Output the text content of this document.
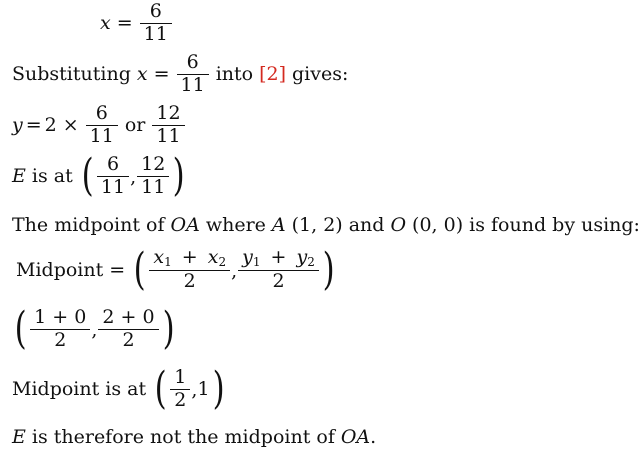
$x = \frac{6}{11}$
Substituting $x = \frac{6}{11}$ into [2] gives:
$y = 2 \times \frac{6}{11}$ or $\frac{12}{11}$
E is at ( $\frac{6}{11}$ , $\frac{12}{11}$ )
The midpoint of OA where A (1, 2) and O (0, 0) is found by using:
Midpoint = ( $\frac{x_1 + x_2}{2}$ , $\frac{y_1 + y_2}{2}$ )
( $\frac{1 + 0}{2}$ , $\frac{2 + 0}{2}$ )
Midpoint is at ( $\frac{1}{2}$ , 1 )
E is therefore not the midpoint of OA .
